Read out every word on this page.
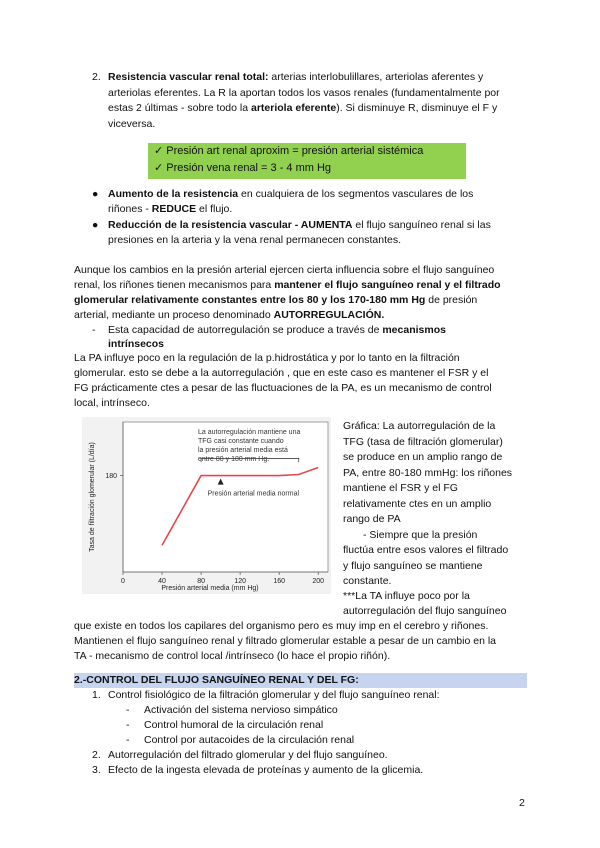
2. Resistencia vascular renal total: arterias interlobulillares, arteriolas aferentes y
arteriolas eferentes. La R la aportan todos los vasos renales (fundamentalmente por
estas 2 últimas - sobre todo la arteriola eferente). Si disminuye R, disminuye el F y
viceversa.
✓ Presión art renal aproxim = presión arterial sistémica
✓ Presión vena renal = 3 - 4 mm Hg
● Aumento de la resistencia en cualquiera de los segmentos vasculares de los
riñones - REDUCE el flujo.
● Reducción de la resistencia vascular - AUMENTA el flujo sanguíneo renal si las
presiones en la arteria y la vena renal permanecen constantes.
Aunque los cambios en la presión arterial ejercen cierta influencia sobre el flujo sanguíneo
renal, los riñones tienen mecanismos para mantener el flujo sanguíneo renal y el filtrado
glomerular relativamente constantes entre los 80 y los 170-180 mm Hg de presión
arterial, mediante un proceso denominado AUTORREGULACIÓN.
- Esta capacidad de autorregulación se produce a través de mecanismos
intrínsecos
La PA influye poco en la regulación de la p.hidrostática y por lo tanto en la filtración
glomerular. esto se debe a la autorregulación , que en este caso es mantener el FSR y el
FG prácticamente ctes a pesar de las fluctuaciones de la PA, es un mecanismo de control
local, intrínseco.
0	40	80	120	160	200
180
Presión arterial media (mm Hg)
Tasa de filtración glomerular (L/día)
La autorregulación mantiene una
TFG casi constante cuando
la presión arterial media está
entre 80 y 180 mm Hg.
Presión arterial media normal
Gráfica: La autorregulación de la
TFG (tasa de filtración glomerular)
se produce en un amplio rango de
PA, entre 80-180 mmHg: los riñones
mantiene el FSR y el FG
relativamente ctes en un amplio
rango de PA
- Siempre que la presión
fluctúa entre esos valores el filtrado
y flujo sanguíneo se mantiene
constante.
***La TA influye poco por la
autorregulación del flujo sanguíneo
que existe en todos los capilares del organismo pero es muy imp en el cerebro y riñones.
Mantienen el flujo sanguíneo renal y filtrado glomerular estable a pesar de un cambio en la
TA - mecanismo de control local /intrínseco (lo hace el propio riñón).
2.-CONTROL DEL FLUJO SANGUÍNEO RENAL Y DEL FG:
1. Control fisiológico de la filtración glomerular y del flujo sanguíneo renal:
- Activación del sistema nervioso simpático
- Control humoral de la circulación renal
- Control por autacoides de la circulación renal
2. Autorregulación del filtrado glomerular y del flujo sanguíneo.
3. Efecto de la ingesta elevada de proteínas y aumento de la glicemia.
2
